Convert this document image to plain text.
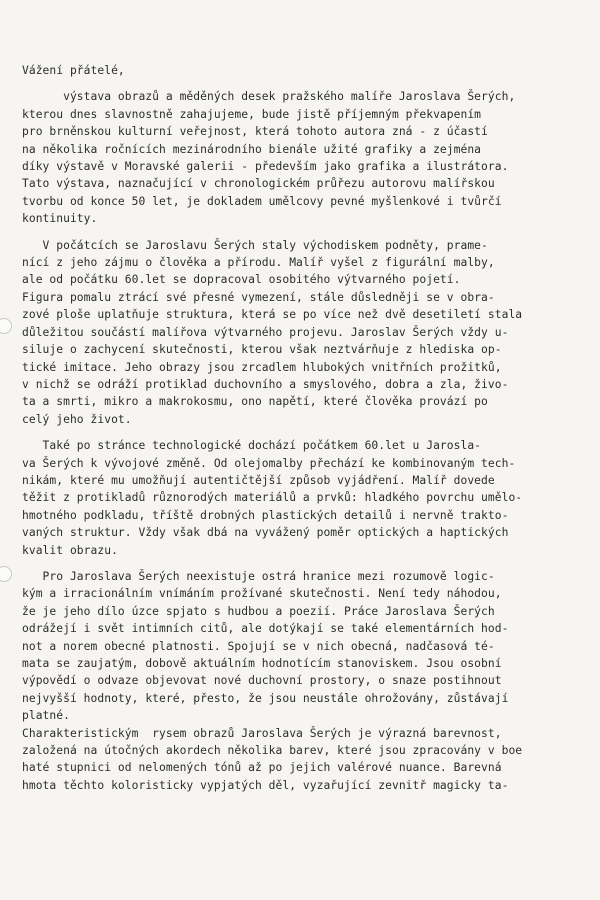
Vážení přátelé,
výstava obrazů a měděných desek pražského malíře Jaroslava Šerých,
kterou dnes slavnostně zahajujeme, bude jistě příjemným překvapením
pro brněnskou kulturní veřejnost, která tohoto autora zná - z účastí
na několika ročnících mezinárodního bienále užité grafiky a zejména
díky výstavě v Moravské galerii - především jako grafika a ilustrátora.
Tato výstava, naznačující v chronologickém průřezu autorovu malířskou
tvorbu od konce 50 let, je dokladem umělcovy pevné myšlenkové i tvůrčí
kontinuity.
V počátcích se Jaroslavu Šerých staly východiskem podněty, prame-
nící z jeho zájmu o člověka a přírodu. Malíř vyšel z figurální malby,
ale od počátku 60.let se dopracoval osobitého výtvarného pojetí.
Figura pomalu ztrácí své přesné vymezení, stále důsledněji se v obra-
zové ploše uplatňuje struktura, která se po více než dvě desetiletí stala
důležitou součástí malířova výtvarného projevu. Jaroslav Šerých vždy u-
siluje o zachycení skutečnosti, kterou však neztvárňuje z hlediska op-
tické imitace. Jeho obrazy jsou zrcadlem hlubokých vnitřních prožitků,
v nichž se odráží protiklad duchovního a smyslového, dobra a zla, živo-
ta a smrti, mikro a makrokosmu, ono napětí, které člověka provází po
celý jeho život.
Také po stránce technologické dochází počátkem 60.let u Jarosla-
va Šerých k vývojové změně. Od olejomalby přechází ke kombinovaným tech-
nikám, které mu umožňují autentičtější způsob vyjádření. Malíř dovede
těžit z protikladů různorodých materiálů a prvků: hladkého povrchu umělo-
hmotného podkladu, tříště drobných plastických detailů i nervně trakto-
vaných struktur. Vždy však dbá na vyvážený poměr optických a haptických
kvalit obrazu.
Pro Jaroslava Šerých neexistuje ostrá hranice mezi rozumově logic-
kým a irracionálním vnímáním prožívané skutečnosti. Není tedy náhodou,
že je jeho dílo úzce spjato s hudbou a poezií. Práce Jaroslava Šerých
odrážejí i svět intimních citů, ale dotýkají se také elementárních hod-
not a norem obecné platnosti. Spojují se v nich obecná, nadčasová té-
mata se zaujatým, dobově aktuálním hodnotícím stanoviskem. Jsou osobní
výpovědí o odvaze objevovat nové duchovní prostory, o snaze postihnout
nejvyšší hodnoty, které, přesto, že jsou neustále ohrožovány, zůstávají
platné.
Charakteristickým  rysem obrazů Jaroslava Šerých je výrazná barevnost,
založená na útočných akordech několika barev, které jsou zpracovány v boe
haté stupnici od nelomených tónů až po jejich valérové nuance. Barevná
hmota těchto koloristicky vypjatých děl, vyzařující zevnitř magicky ta-
